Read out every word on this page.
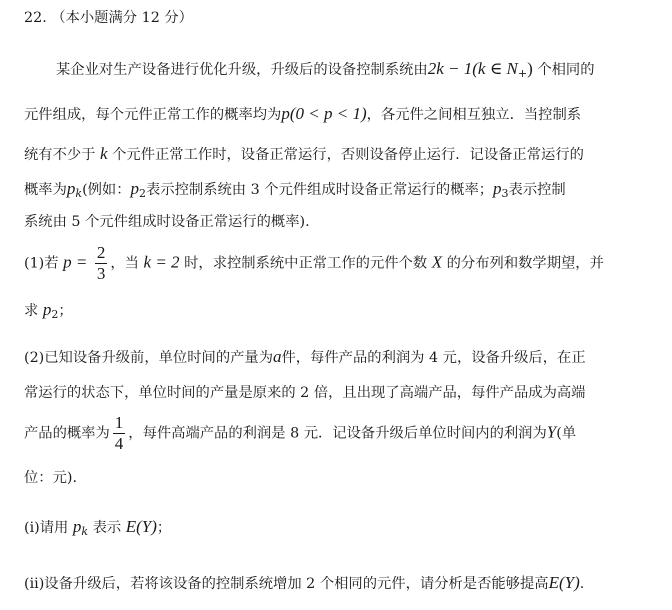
22. （本小题满分 12 分）
某企业对生产设备进行优化升级，升级后的设备控制系统由2k − 1(k ∈ $N_+$) 个相同的
元件组成，每个元件正常工作的概率均为p(0 < p < 1)，各元件之间相互独立．当控制系
统有不少于 k 个元件正常工作时，设备正常运行，否则设备停止运行．记设备正常运行的
概率为$p_k$(例如：$p_2$表示控制系统由 3 个元件组成时设备正常运行的概率；$p_3$表示控制
系统由 5 个元件组成时设备正常运行的概率).
(1)若 $p = \frac{2}{3}$ ，当 k = 2 时，求控制系统中正常工作的元件个数 X 的分布列和数学期望，并
求 $p_2$；
(2)已知设备升级前，单位时间的产量为a件，每件产品的利润为 4 元，设备升级后，在正
常运行的状态下，单位时间的产量是原来的 2 倍，且出现了高端产品，每件产品成为高端
产品的概率为 $\frac{1}{4}$ ，每件高端产品的利润是 8 元．记设备升级后单位时间内的利润为Y(单
位：元).
(i)请用 $p_k$ 表示 E(Y)；
(ii)设备升级后，若将该设备的控制系统增加 2 个相同的元件，请分析是否能够提高E(Y).
